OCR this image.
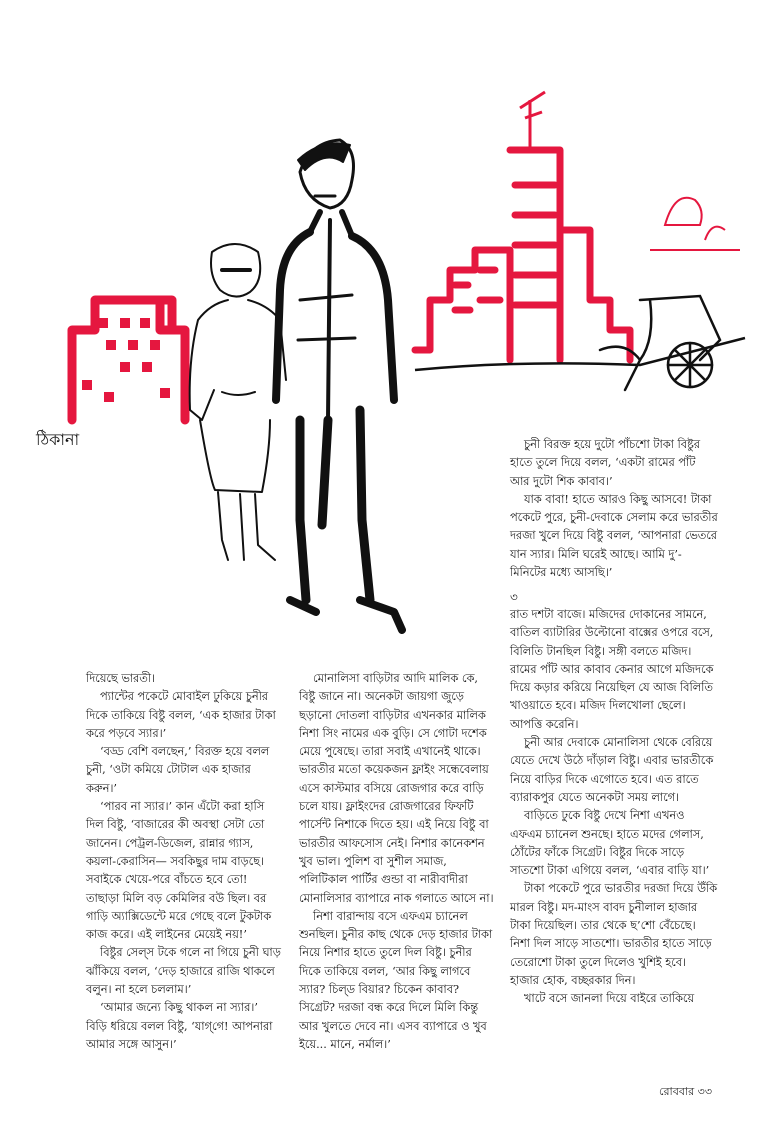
ঠিকানা	চুনী বিরক্ত হয়ে দুটো পাঁচশো টাকা বিষ্টুর হাতে তুলে দিয়ে বলল, ‘একটা রামের পাঁট আর দুটো শিক কাবাব।’

যাক বাবা! হাতে আরও কিছু আসবে! টাকা পকেটে পুরে, চুনী-দেবাকে সেলাম করে ভারতীর দরজা খুলে দিয়ে বিষ্টু বলল, ‘আপনারা ভেতরে যান স্যার। মিলি ঘরেই আছে। আমি দু’-মিনিটের মধ্যে আসছি।’

দিয়েছে ভারতী।

প্যান্টের পকেটে মোবাইল ঢুকিয়ে চুনীর দিকে তাকিয়ে বিষ্টু বলল, ‘এক হাজার টাকা করে পড়বে স্যার।’

‘বড্ড বেশি বলছেন,’ বিরক্ত হয়ে বলল চুনী, ‘ওটা কমিয়ে টোটাল এক হাজার করুন।’

‘পারব না স্যার।’ কান এঁটো করা হাসি দিল বিষ্টু, ‘বাজারের কী অবস্থা সেটা তো জানেন। পেট্রল-ডিজেল, রান্নার গ্যাস, কয়লা-কেরাসিন— সবকিছুর দাম বাড়ছে। সবাইকে খেয়ে-পরে বাঁচতে হবে তো! তাছাড়া মিলি বড় কেমিলির বউ ছিল। বর গাড়ি অ্যাক্সিডেন্টে মরে গেছে বলে টুকটাক কাজ করে। এই লাইনের মেয়েই নয়!’

বিষ্টুর সেল্‌স টকে গলে না গিয়ে চুনী ঘাড় ঝাঁকিয়ে বলল, ‘দেড় হাজারে রাজি থাকলে বলুন। না হলে চললাম।’

‘আমার জন্যে কিছু থাকল না স্যার।’ বিড়ি ধরিয়ে বলল বিষ্টু, ‘যাগ্‌গে! আপনারা আমার সঙ্গে আসুন।’

মোনালিসা বাড়িটার আদি মালিক কে, বিষ্টু জানে না। অনেকটা জায়গা জুড়ে ছড়ানো দোতলা বাড়িটার এখনকার মালিক নিশা সিং নামের এক বুড়ি। সে গোটা দশেক মেয়ে পুষেছে। তারা সবাই এখানেই থাকে। ভারতীর মতো কয়েকজন ফ্লাইং সন্ধেবেলায় এসে কাস্টমার বসিয়ে রোজগার করে বাড়ি চলে যায়। ফ্লাইংদের রোজগারের ফিফটি পার্সেন্ট নিশাকে দিতে হয়। এই নিয়ে বিষ্টু বা ভারতীর আফসোস নেই। নিশার কানেকশন খুব ভাল। পুলিশ বা সুশীল সমাজ, পলিটিকাল পার্টির গুন্ডা বা নারীবাদীরা মোনালিসার ব্যাপারে নাক গলাতে আসে না।

নিশা বারান্দায় বসে এফএম চ্যানেল শুনছিল। চুনীর কাছ থেকে দেড় হাজার টাকা নিয়ে নিশার হাতে তুলে দিল বিষ্টু। চুনীর দিকে তাকিয়ে বলল, ‘আর কিছু লাগবে স্যার? চিল্‌ড বিয়ার? চিকেন কাবাব? সিগ্রেট? দরজা বন্ধ করে দিলে মিলি কিন্তু আর খুলতে দেবে না। এসব ব্যাপারে ও খুব ইয়ে... মানে, নর্মাল।’

৩

রাত দশটা বাজে। মজিদের দোকানের সামনে, বাতিল ব্যাটারির উল্টোনো বাক্সের ওপরে বসে, বিলিতি টানছিল বিষ্টু। সঙ্গী বলতে মজিদ। রামের পাঁট আর কাবাব কেনার আগে মজিদকে দিয়ে কড়ার করিয়ে নিয়েছিল যে আজ বিলিতি খাওয়াতে হবে। মজিদ দিলখোলা ছেলে। আপত্তি করেনি।

চুনী আর দেবাকে মোনালিসা থেকে বেরিয়ে যেতে দেখে উঠে দাঁড়াল বিষ্টু। এবার ভারতীকে নিয়ে বাড়ির দিকে এগোতে হবে। এত রাতে ব্যারাকপুর যেতে অনেকটা সময় লাগে।

বাড়িতে ঢুকে বিষ্টু দেখে নিশা এখনও এফএম চ্যানেল শুনছে। হাতে মদের গেলাস, ঠোঁটের ফাঁকে সিগ্রেট। বিষ্টুর দিকে সাড়ে সাতশো টাকা এগিয়ে বলল, ‘এবার বাড়ি যা।’

টাকা পকেটে পুরে ভারতীর দরজা দিয়ে উঁকি মারল বিষ্টু। মদ-মাংস বাবদ চুনীলাল হাজার টাকা দিয়েছিল। তার থেকে ছ’শো বেঁচেছে। নিশা দিল সাড়ে সাতশো। ভারতীর হাতে সাড়ে তেরোশো টাকা তুলে দিলেও খুশিই হবে। হাজার হোক, বচ্ছরকার দিন।

খাটে বসে জানলা দিয়ে বাইরে তাকিয়ে

রোববার ৩৩
